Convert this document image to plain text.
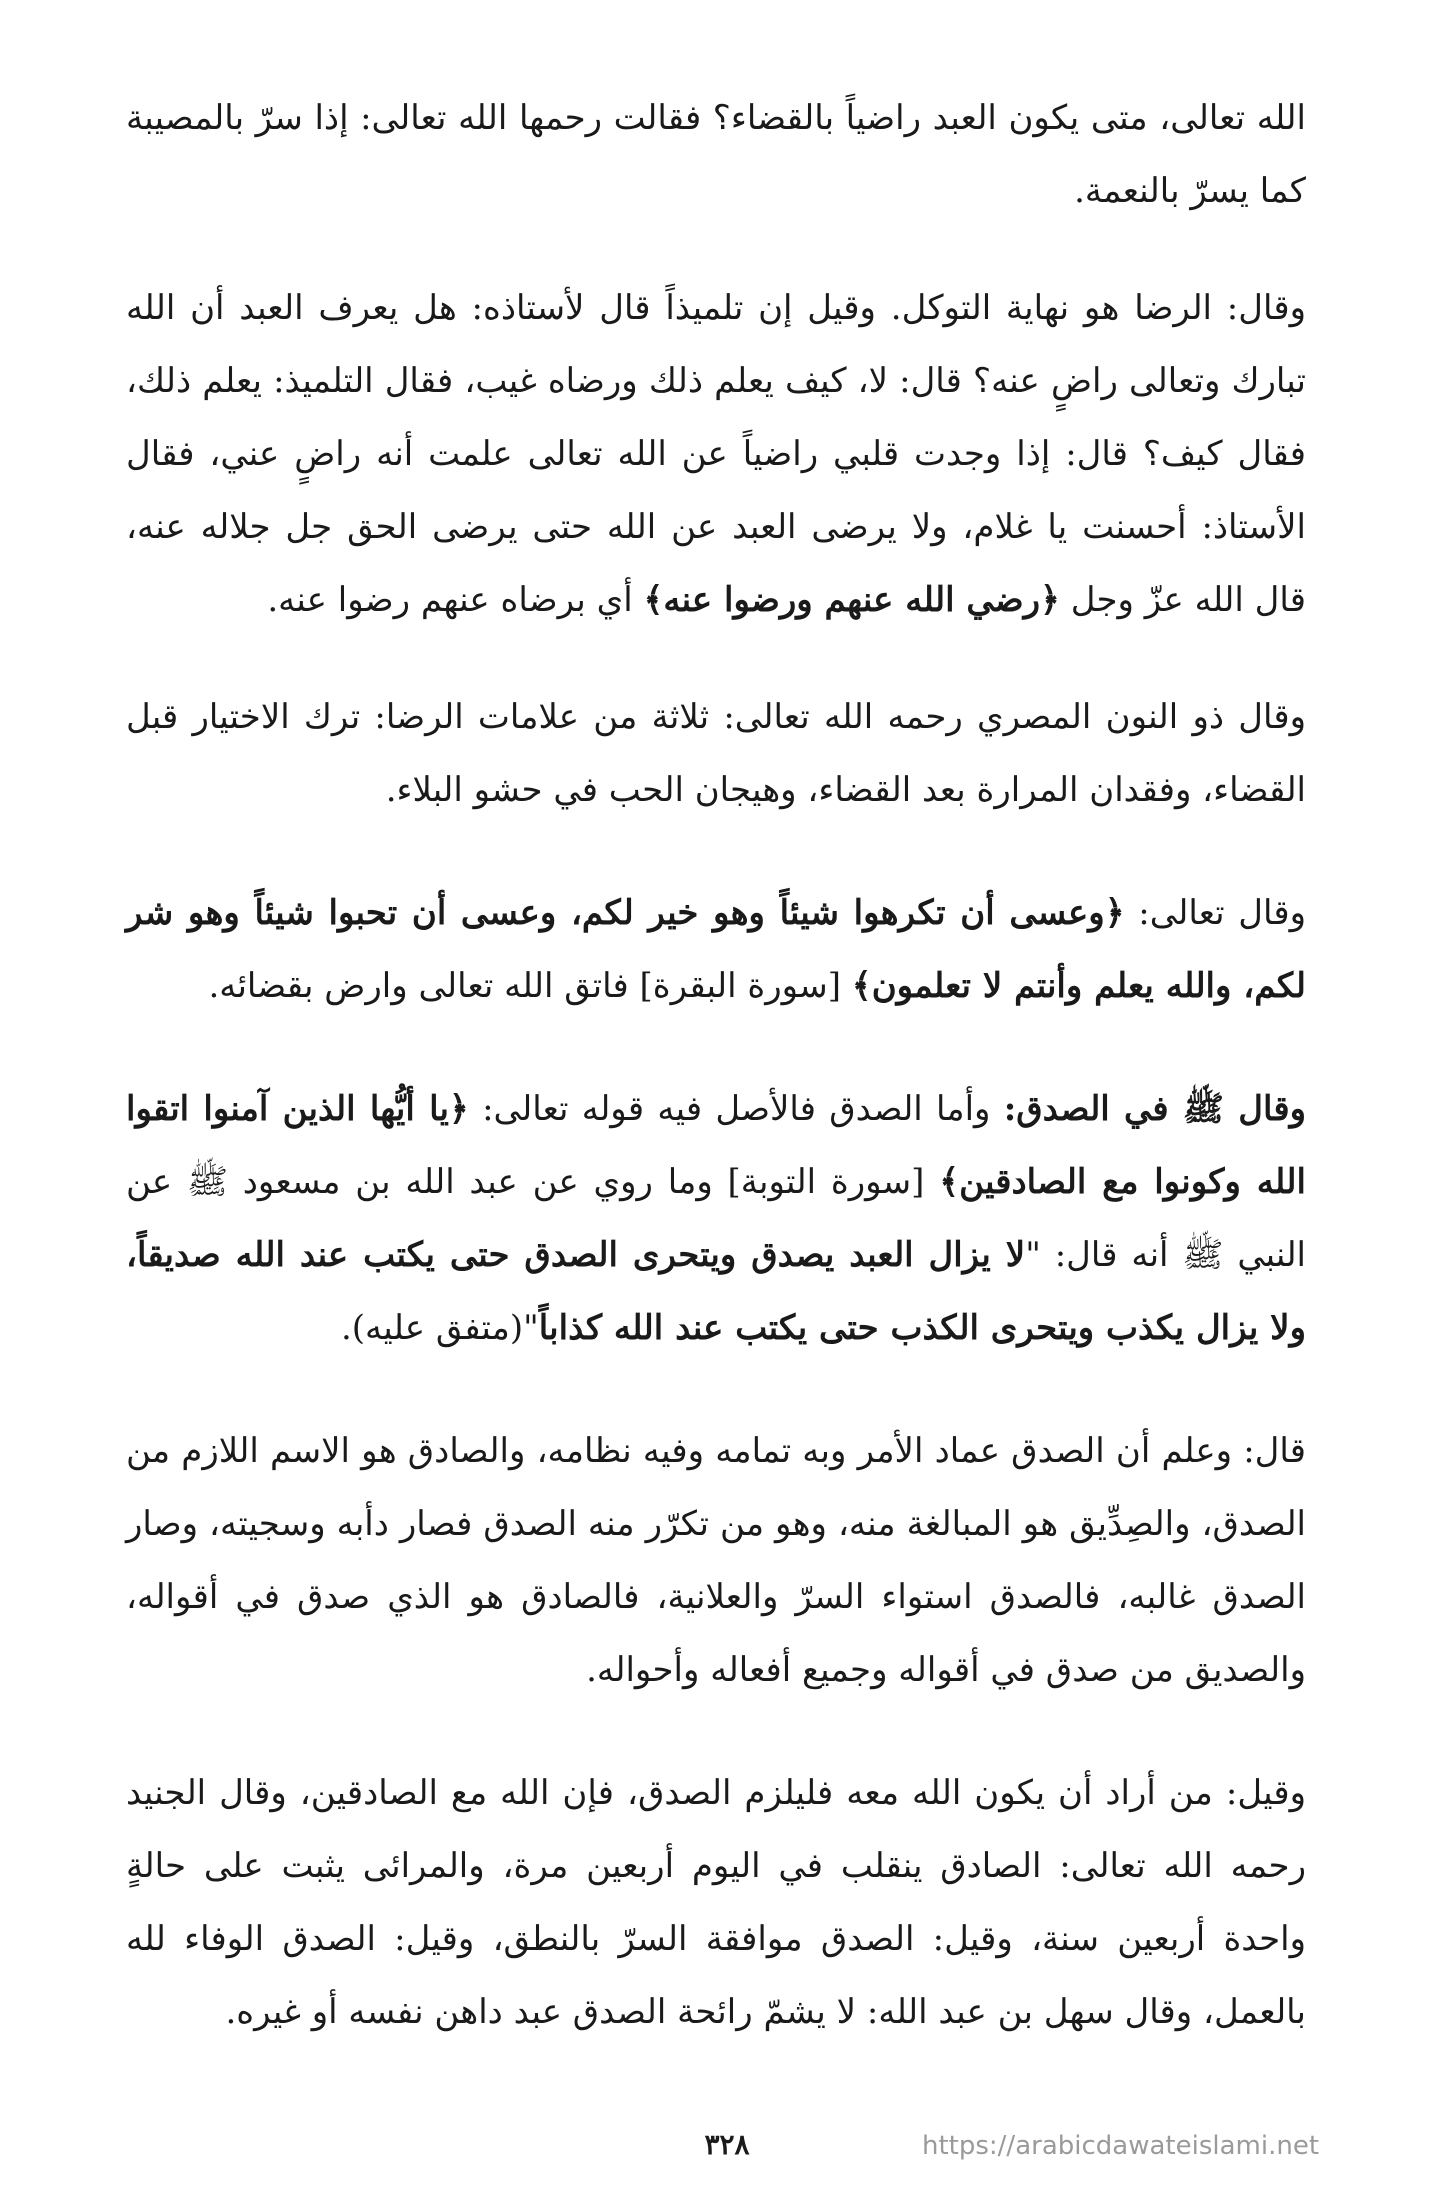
الله تعالى، متى يكون العبد راضياً بالقضاء؟ فقالت رحمها الله تعالى: إذا سرّ بالمصيبة كما يسرّ بالنعمة.

وقال: الرضا هو نهاية التوكل. وقيل إن تلميذاً قال لأستاذه: هل يعرف العبد أن الله تبارك وتعالى راضٍ عنه؟ قال: لا، كيف يعلم ذلك ورضاه غيب، فقال التلميذ: يعلم ذلك، فقال كيف؟ قال: إذا وجدت قلبي راضياً عن الله تعالى علمت أنه راضٍ عني، فقال الأستاذ: أحسنت يا غلام، ولا يرضى العبد عن الله حتى يرضى الحق جل جلاله عنه، قال الله عزّ وجل ﴿رضي الله عنهم ورضوا عنه﴾ أي برضاه عنهم رضوا عنه.

وقال ذو النون المصري رحمه الله تعالى: ثلاثة من علامات الرضا: ترك الاختيار قبل القضاء، وفقدان المرارة بعد القضاء، وهيجان الحب في حشو البلاء.

وقال تعالى: ﴿وعسى أن تكرهوا شيئاً وهو خير لكم، وعسى أن تحبوا شيئاً وهو شر لكم، والله يعلم وأنتم لا تعلمون﴾ [سورة البقرة] فاتق الله تعالى وارض بقضائه.

وقال ﷺ في الصدق: وأما الصدق فالأصل فيه قوله تعالى: ﴿يا أيُّها الذين آمنوا اتقوا الله وكونوا مع الصادقين﴾ [سورة التوبة] وما روي عن عبد الله بن مسعود ﷺ عن النبي ﷺ أنه قال: "لا يزال العبد يصدق ويتحرى الصدق حتى يكتب عند الله صديقاً، ولا يزال يكذب ويتحرى الكذب حتى يكتب عند الله كذاباً"(متفق عليه).

قال: وعلم أن الصدق عماد الأمر وبه تمامه وفيه نظامه، والصادق هو الاسم اللازم من الصدق، والصِدِّيق هو المبالغة منه، وهو من تكرّر منه الصدق فصار دأبه وسجيته، وصار الصدق غالبه، فالصدق استواء السرّ والعلانية، فالصادق هو الذي صدق في أقواله، والصديق من صدق في أقواله وجميع أفعاله وأحواله.

وقيل: من أراد أن يكون الله معه فليلزم الصدق، فإن الله مع الصادقين، وقال الجنيد رحمه الله تعالى: الصادق ينقلب في اليوم أربعين مرة، والمرائى يثبت على حالةٍ واحدة أربعين سنة، وقيل: الصدق موافقة السرّ بالنطق، وقيل: الصدق الوفاء لله بالعمل، وقال سهل بن عبد الله: لا يشمّ رائحة الصدق عبد داهن نفسه أو غيره.

٣٢٨	https://arabicdawateislami.net
